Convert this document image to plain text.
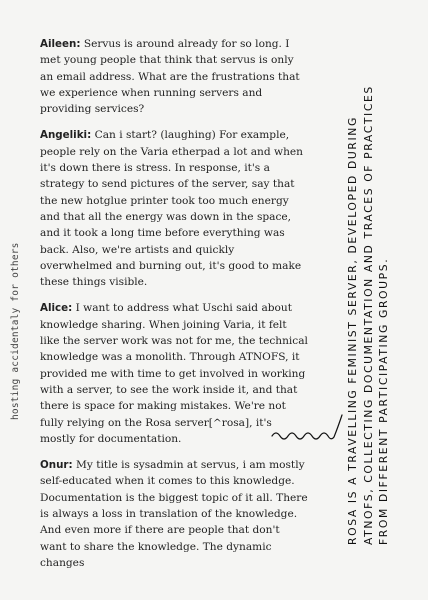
hosting accidentaly for others

Aileen: Servus is around already for so long. I met young people that think that servus is only an email address. What are the frustrations that we experience when running servers and providing services?

Angeliki: Can i start? (laughing) For example, people rely on the Varia etherpad a lot and when it's down there is stress. In response, it's a strategy to send pictures of the server, say that the new hotglue printer took too much energy and that all the energy was down in the space, and it took a long time before everything was back. Also, we're artists and quickly overwhelmed and burning out, it's good to make these things visible.

Alice: I want to address what Uschi said about knowledge sharing. When joining Varia, it felt like the server work was not for me, the technical knowledge was a monolith. Through ATNOFS, it provided me with time to get involved in working with a server, to see the work inside it, and that there is space for making mistakes. We're not fully relying on the Rosa server[^rosa], it's mostly for documentation.

Onur: My title is sysadmin at servus, i am mostly self-educated when it comes to this knowledge. Documentation is the biggest topic of it all. There is always a loss in translation of the knowledge. And even more if there are people that don't want to share the knowledge. The dynamic changes

ROSA IS A TRAVELLING FEMINIST SERVER, DEVELOPED DURING ATNOFS, COLLECTING DOCUMENTATION AND TRACES OF PRACTICES FROM DIFFERENT PARTICIPATING GROUPS.
